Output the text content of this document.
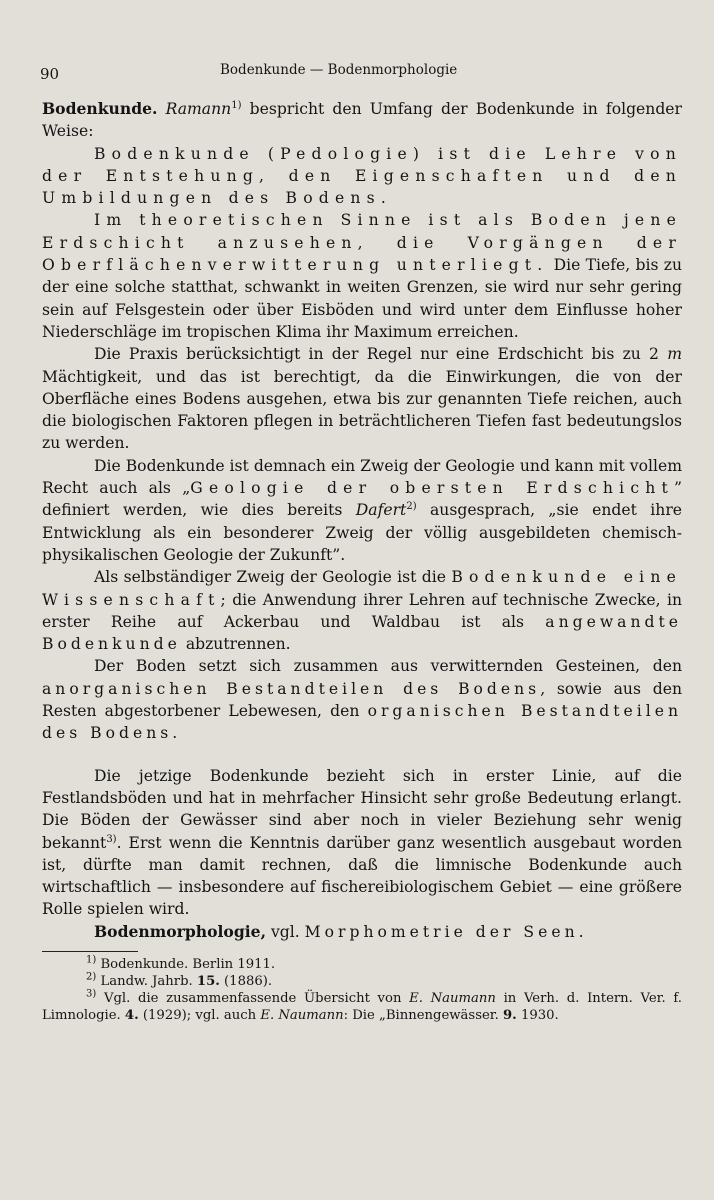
90	Bodenkunde — Bodenmorphologie

Bodenkunde. Ramann$^{1)}$ bespricht den Umfang der Bodenkunde in folgender Weise:

Bodenkunde (Pedologie) ist die Lehre von der Entstehung, den Eigenschaften und den Umbildungen des Bodens.

Im theoretischen Sinne ist als Boden jene Erdschicht anzusehen, die Vorgängen der Oberflächenverwitterung unterliegt. Die Tiefe, bis zu der eine solche statthat, schwankt in weiten Grenzen, sie wird nur sehr gering sein auf Felsgestein oder über Eisböden und wird unter dem Einflusse hoher Niederschläge im tropischen Klima ihr Maximum erreichen.

Die Praxis berücksichtigt in der Regel nur eine Erdschicht bis zu 2 m Mächtigkeit, und das ist berechtigt, da die Einwirkungen, die von der Oberfläche eines Bodens ausgehen, etwa bis zur genannten Tiefe reichen, auch die biologischen Faktoren pflegen in beträchtlicheren Tiefen fast bedeutungslos zu werden.

Die Bodenkunde ist demnach ein Zweig der Geologie und kann mit vollem Recht auch als „Geologie der obersten Erdschicht” definiert werden, wie dies bereits Dafert$^{2)}$ ausgesprach, „sie endet ihre Entwicklung als ein besonderer Zweig der völlig ausgebildeten chemisch-physikalischen Geologie der Zukunft”.

Als selbständiger Zweig der Geologie ist die Bodenkunde eine Wissenschaft; die Anwendung ihrer Lehren auf technische Zwecke, in erster Reihe auf Ackerbau und Waldbau ist als angewandte Bodenkunde abzutrennen.

Der Boden setzt sich zusammen aus verwitternden Gesteinen, den anorganischen Bestandteilen des Bodens, sowie aus den Resten abgestorbener Lebewesen, den organischen Bestandteilen des Bodens.

Die jetzige Bodenkunde bezieht sich in erster Linie, auf die Festlandsböden und hat in mehrfacher Hinsicht sehr große Bedeutung erlangt. Die Böden der Gewässer sind aber noch in vieler Beziehung sehr wenig bekannt$^{3)}$. Erst wenn die Kenntnis darüber ganz wesentlich ausgebaut worden ist, dürfte man damit rechnen, daß die limnische Bodenkunde auch wirtschaftlich — insbesondere auf fischereibiologischem Gebiet — eine größere Rolle spielen wird.

Bodenmorphologie, vgl. Morphometrie der Seen.

$^{1)}$ Bodenkunde. Berlin 1911.

$^{2)}$ Landw. Jahrb. 15. (1886).

$^{3)}$ Vgl. die zusammenfassende Übersicht von E. Naumann in Verh. d. Intern. Ver. f. Limnologie. 4. (1929); vgl. auch E. Naumann: Die „Binnengewässer. 9. 1930.
